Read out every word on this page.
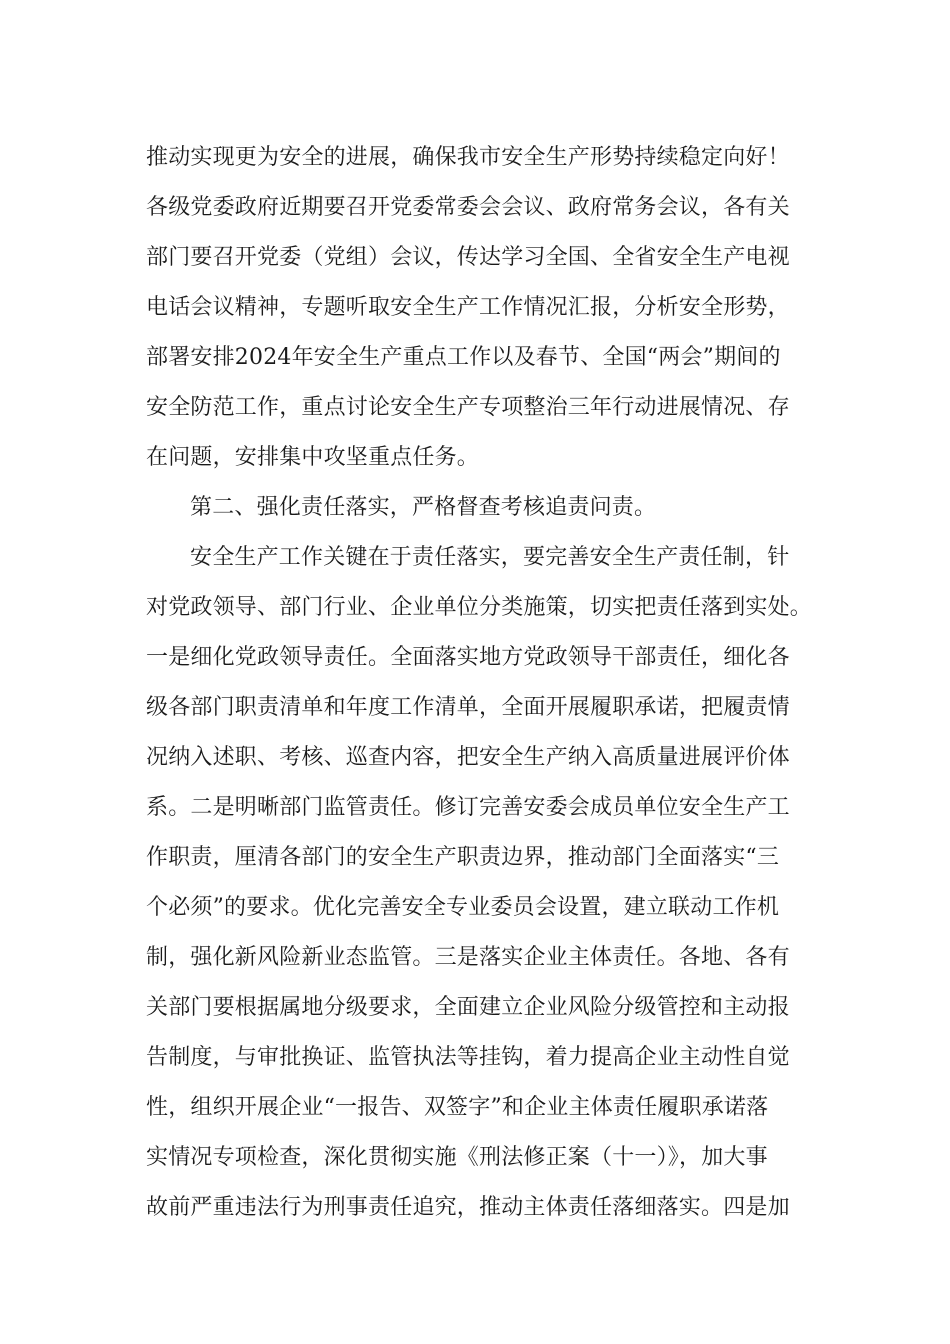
推动实现更为安全的进展，确保我市安全生产形势持续稳定向好！
各级党委政府近期要召开党委常委会会议、政府常务会议，各有关
部门要召开党委（党组）会议，传达学习全国、全省安全生产电视
电话会议精神，专题听取安全生产工作情况汇报，分析安全形势，
部署安排2024年安全生产重点工作以及春节、全国“两会”期间的
安全防范工作，重点讨论安全生产专项整治三年行动进展情况、存
在问题，安排集中攻坚重点任务。
第二、强化责任落实，严格督查考核追责问责。
安全生产工作关键在于责任落实，要完善安全生产责任制，针
对党政领导、部门行业、企业单位分类施策，切实把责任落到实处。
一是细化党政领导责任。全面落实地方党政领导干部责任，细化各
级各部门职责清单和年度工作清单，全面开展履职承诺，把履责情
况纳入述职、考核、巡查内容，把安全生产纳入高质量进展评价体
系。二是明晰部门监管责任。修订完善安委会成员单位安全生产工
作职责，厘清各部门的安全生产职责边界，推动部门全面落实“三
个必须”的要求。优化完善安全专业委员会设置，建立联动工作机
制，强化新风险新业态监管。三是落实企业主体责任。各地、各有
关部门要根据属地分级要求，全面建立企业风险分级管控和主动报
告制度，与审批换证、监管执法等挂钩，着力提高企业主动性自觉
性，组织开展企业“一报告、双签字”和企业主体责任履职承诺落
实情况专项检查，深化贯彻实施《刑法修正案（十一）》，加大事
故前严重违法行为刑事责任追究，推动主体责任落细落实。四是加
